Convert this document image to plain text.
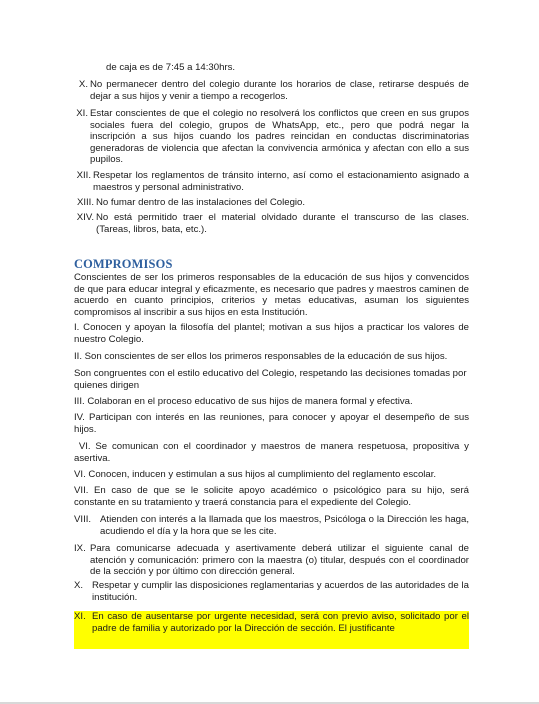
de caja es de 7:45 a 14:30hrs.

X. No permanecer dentro del colegio durante los horarios de clase, retirarse después de dejar a sus hijos y venir a tiempo a recogerlos.
XI. Estar conscientes de que el colegio no resolverá los conflictos que creen en sus grupos sociales fuera del colegio, grupos de WhatsApp, etc., pero que podrá negar la inscripción a sus hijos cuando los padres reincidan en conductas discriminatorias generadoras de violencia que afectan la convivencia armónica y afectan con ello a sus pupilos.
XII. Respetar los reglamentos de tránsito interno, así como el estacionamiento asignado a maestros y personal administrativo.
XIII. No fumar dentro de las instalaciones del Colegio.
XIV. No está permitido traer el material olvidado durante el transcurso de las clases. (Tareas, libros, bata, etc.).

COMPROMISOS

Conscientes de ser los primeros responsables de la educación de sus hijos y convencidos de que para educar integral y eficazmente, es necesario que padres y maestros caminen de acuerdo en cuanto principios, criterios y metas educativas, asuman los siguientes compromisos al inscribir a sus hijos en esta Institución.

I. Conocen y apoyan la filosofía del plantel; motivan a sus hijos a practicar los valores de nuestro Colegio.

II. Son conscientes de ser ellos los primeros responsables de la educación de sus hijos.

Son congruentes con el estilo educativo del Colegio, respetando las decisiones tomadas por quienes dirigen

III. Colaboran en el proceso educativo de sus hijos de manera formal y efectiva.

IV. Participan con interés en las reuniones, para conocer y apoyar el desempeño de sus hijos.

VI. Se comunican con el coordinador y maestros de manera respetuosa, propositiva y asertiva.

VI. Conocen, inducen y estimulan a sus hijos al cumplimiento del reglamento escolar.

VII. En caso de que se le solicite apoyo académico o psicológico para su hijo, será constante en su tratamiento y traerá constancia para el expediente del Colegio.

VIII. Atienden con interés a la llamada que los maestros, Psicóloga o la Dirección les haga, acudiendo el día y la hora que se les cite.
IX. Para comunicarse adecuada y asertivamente deberá utilizar el siguiente canal de atención y comunicación: primero con la maestra (o) titular, después con el coordinador de la sección y por último con dirección general.
X. Respetar y cumplir las disposiciones reglamentarias y acuerdos de las autoridades de la institución.
XI. En caso de ausentarse por urgente necesidad, será con previo aviso, solicitado por el padre de familia y autorizado por la Dirección de sección. El justificante
